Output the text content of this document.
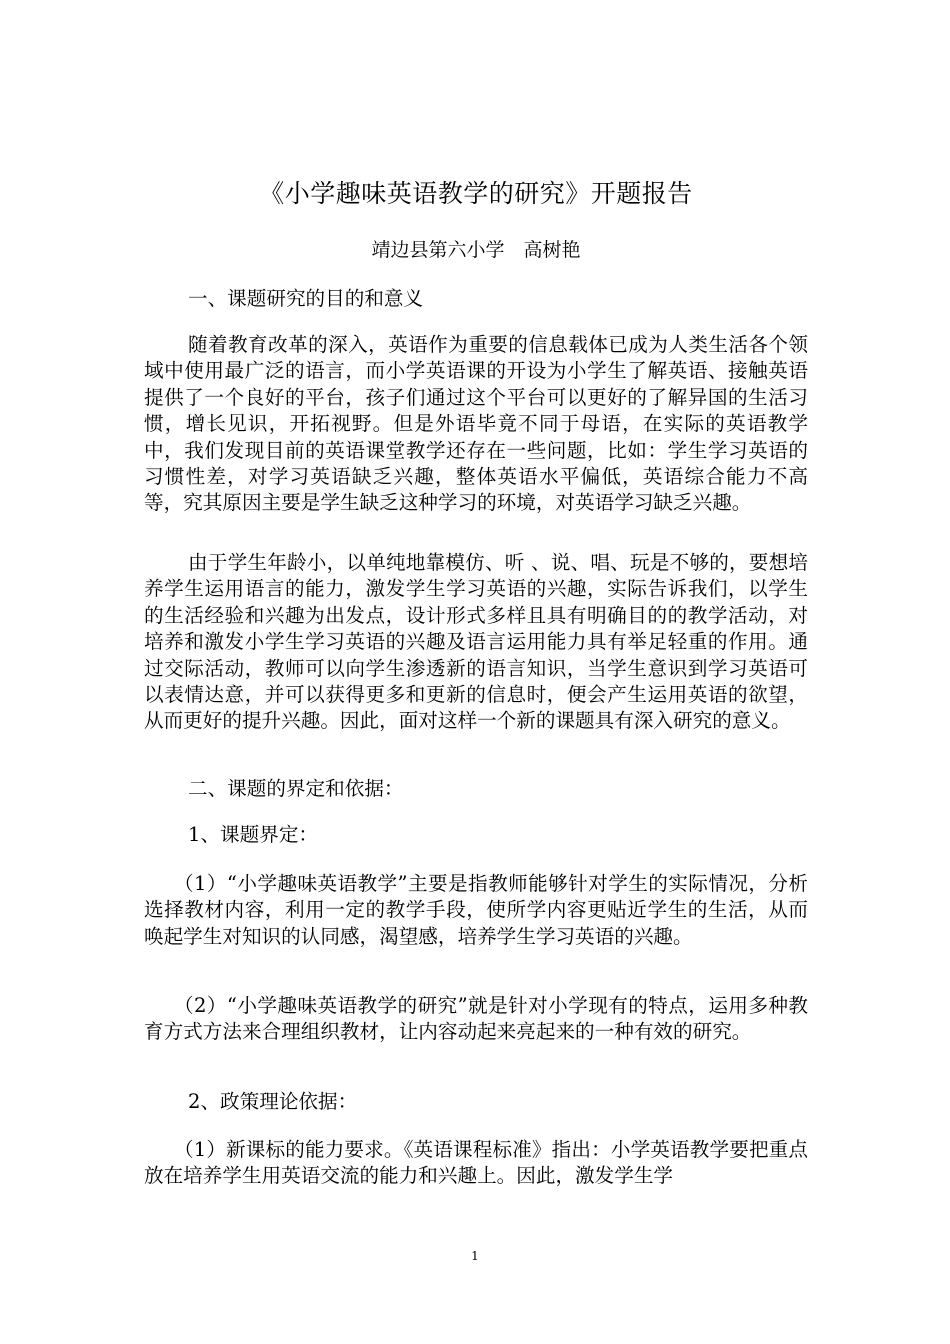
《小学趣味英语教学的研究》开题报告
靖边县第六小学　高树艳
一、课题研究的目的和意义
随着教育改革的深入，英语作为重要的信息载体已成为人类生活各个领域中使用最广泛的语言，而小学英语课的开设为小学生了解英语、接触英语提供了一个良好的平台，孩子们通过这个平台可以更好的了解异国的生活习惯，增长见识，开拓视野。但是外语毕竟不同于母语，在实际的英语教学中，我们发现目前的英语课堂教学还存在一些问题，比如：学生学习英语的习惯性差，对学习英语缺乏兴趣，整体英语水平偏低，英语综合能力不高等，究其原因主要是学生缺乏这种学习的环境，对英语学习缺乏兴趣。
由于学生年龄小，以单纯地靠模仿、听 、说、唱、玩是不够的，要想培养学生运用语言的能力，激发学生学习英语的兴趣，实际告诉我们，以学生的生活经验和兴趣为出发点，设计形式多样且具有明确目的的教学活动，对培养和激发小学生学习英语的兴趣及语言运用能力具有举足轻重的作用。通过交际活动，教师可以向学生渗透新的语言知识，当学生意识到学习英语可以表情达意，并可以获得更多和更新的信息时，便会产生运用英语的欲望，从而更好的提升兴趣。因此，面对这样一个新的课题具有深入研究的意义。
二、课题的界定和依据：
1、课题界定：
（1）“小学趣味英语教学”主要是指教师能够针对学生的实际情况，分析选择教材内容，利用一定的教学手段，使所学内容更贴近学生的生活，从而唤起学生对知识的认同感，渴望感，培养学生学习英语的兴趣。
（2）“小学趣味英语教学的研究”就是针对小学现有的特点，运用多种教育方式方法来合理组织教材，让内容动起来亮起来的一种有效的研究。
2、政策理论依据：
（1）新课标的能力要求。《英语课程标准》指出：小学英语教学要把重点放在培养学生用英语交流的能力和兴趣上。因此，激发学生学
1
